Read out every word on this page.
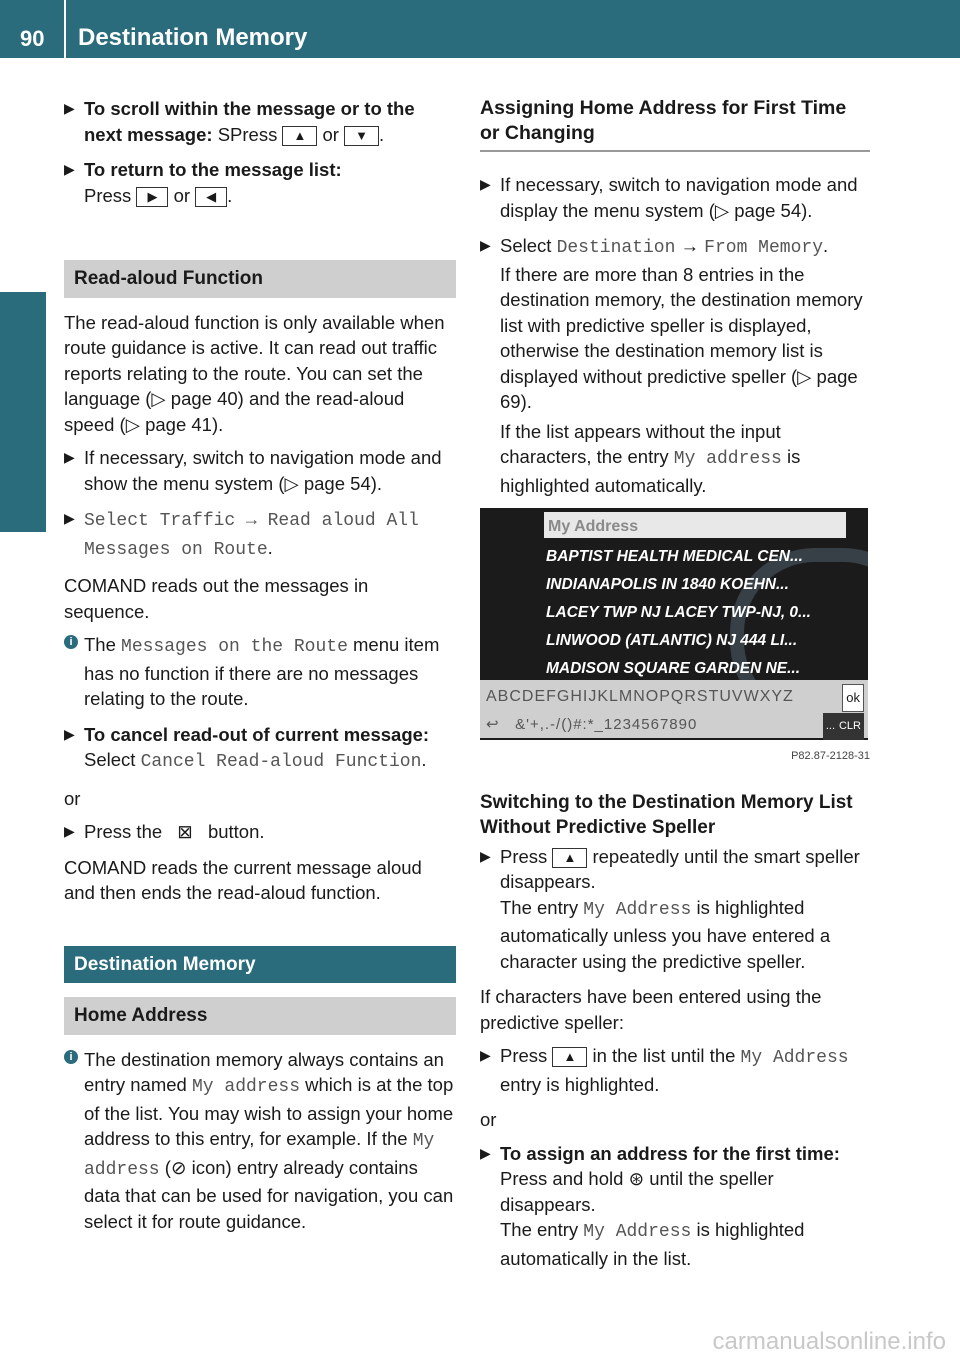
90 Destination Memory
Navigation
▶ To scroll within the message or to the next message: SPress ▲ or ▼ .
▶ To return to the message list:
Press ▶ or ◀ .
Read-aloud Function

The read-aloud function is only available when route guidance is active. It can read out traffic reports relating to the route. You can set the language (▷ page 40) and the read-aloud speed (▷ page 41).

▶ If necessary, switch to navigation mode and show the menu system (▷ page 54).
▶ Select Traffic → Read aloud All Messages on Route.

COMAND reads out the messages in sequence.

i The Messages on the Route menu item has no function if there are no messages relating to the route.
▶ To cancel read-out of current message:
Select Cancel Read-aloud Function.

or

▶ Press the ⊠ button.

COMAND reads the current message aloud and then ends the read-aloud function.

Destination Memory
Home Address
i The destination memory always contains an entry named My address which is at the top of the list. You may wish to assign your home address to this entry, for example. If the My address (⊘ icon) entry already contains data that can be used for navigation, you can select it for route guidance.
Assigning Home Address for First Time or Changing
▶ If necessary, switch to navigation mode and display the menu system (▷ page 54).
▶ Select Destination → From Memory.
If there are more than 8 entries in the destination memory, the destination memory list with predictive speller is displayed, otherwise the destination memory list is displayed without predictive speller (▷ page 69).

If the list appears without the input characters, the entry My address is highlighted automatically.

My Address
BAPTIST HEALTH MEDICAL CEN...
INDIANAPOLIS IN 1840 KOEHN...
LACEY TWP NJ LACEY TWP-NJ, 0...
LINWOOD (ATLANTIC) NJ 444 LI...
MADISON SQUARE GARDEN NE...
ABCDEFGHIJKLMNOPQRSTUVWXYZ
↩ &'+,.-/()#:*_1234567890
ok
... CLR
P82.87-2128-31
Switching to the Destination Memory List Without Predictive Speller
▶ Press ▲ repeatedly until the smart speller disappears.
The entry My Address is highlighted automatically unless you have entered a character using the predictive speller.

If characters have been entered using the predictive speller:

▶ Press ▲ in the list until the My Address entry is highlighted.

or

▶ To assign an address for the first time:
Press and hold ⊛ until the speller disappears.
The entry My Address is highlighted automatically in the list.
carmanualsonline.info
